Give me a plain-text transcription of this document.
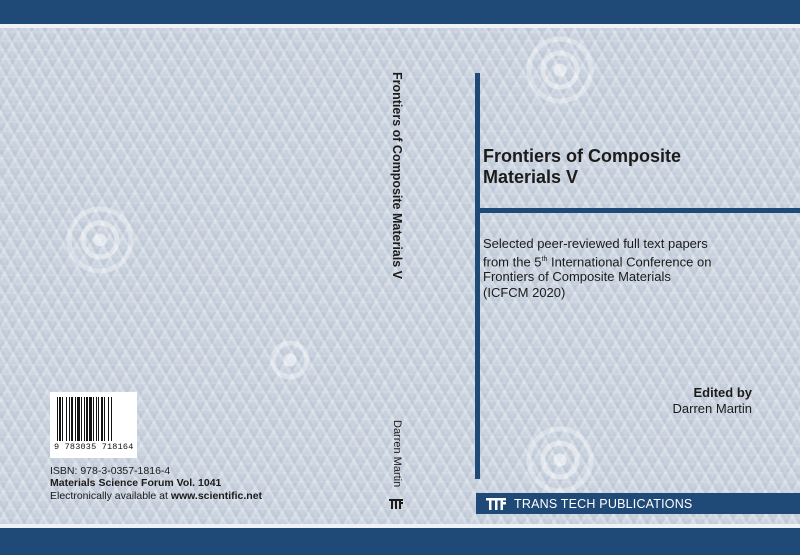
Frontiers of Composite Materials V
Darren Martin
Frontiers of Composite
Materials V
Selected peer-reviewed full text papers
from the 5th International Conference on
Frontiers of Composite Materials
(ICFCM 2020)
Edited by
Darren Martin
TRANS TECH PUBLICATIONS
9 783035 718164
ISBN: 978-3-0357-1816-4
Materials Science Forum Vol. 1041
Electronically available at www.scientific.net
